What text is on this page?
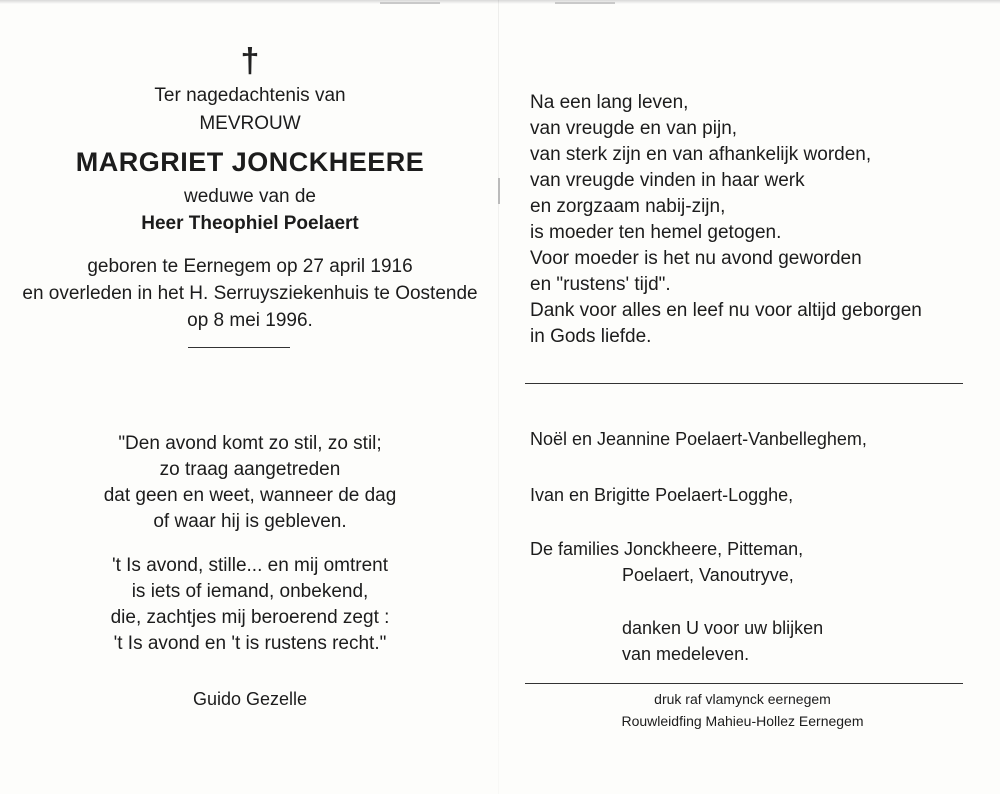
†
Ter nagedachtenis van
MEVROUW
MARGRIET JONCKHEERE
weduwe van de
Heer Theophiel Poelaert
geboren te Eernegem op 27 april 1916
en overleden in het H. Serruysziekenhuis te Oostende
op 8 mei 1996.
"Den avond komt zo stil, zo stil;
zo traag aangetreden
dat geen en weet, wanneer de dag
of waar hij is gebleven.
't Is avond, stille... en mij omtrent
is iets of iemand, onbekend,
die, zachtjes mij beroerend zegt :
't Is avond en 't is rustens recht."
Guido Gezelle
Na een lang leven,
van vreugde en van pijn,
van sterk zijn en van afhankelijk worden,
van vreugde vinden in haar werk
en zorgzaam nabij-zijn,
is moeder ten hemel getogen.
Voor moeder is het nu avond geworden
en "rustens' tijd".
Dank voor alles en leef nu voor altijd geborgen
in Gods liefde.
Noël en Jeannine Poelaert-Vanbelleghem,
Ivan en Brigitte Poelaert-Logghe,
De families Jonckheere, Pitteman,
Poelaert, Vanoutryve,
danken U voor uw blijken
van medeleven.
druk raf vlamynck eernegem
Rouwleidfing Mahieu-Hollez Eernegem
